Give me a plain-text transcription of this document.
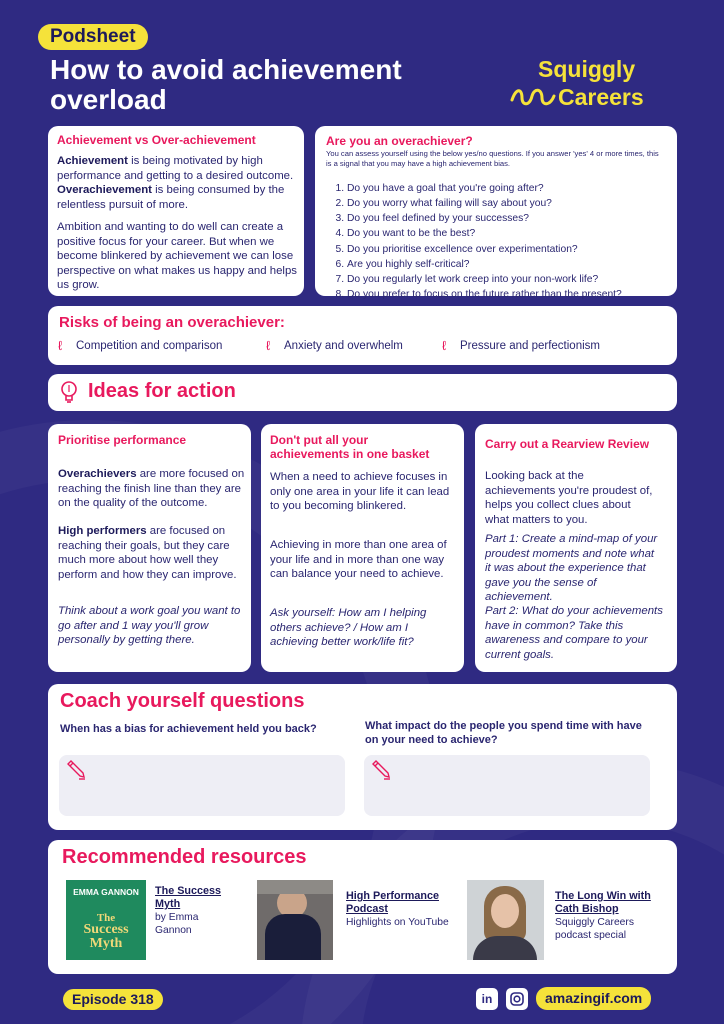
Podsheet
How to avoid achievement
overload
Squiggly
Careers
Achievement vs Over-achievement

Achievement is being motivated by high performance and getting to a desired outcome. Overachievement is being consumed by the relentless pursuit of more.

Ambition and wanting to do well can create a positive focus for your career. But when we become blinkered by achievement we can lose perspective on what makes us happy and helps us grow.

Are you an overachiever?

You can assess yourself using the below yes/no questions. If you answer 'yes' 4 or more times, this is a signal that you may have a high achievement bias.

1. Do you have a goal that you're going after?
2. Do you worry what failing will say about you?
3. Do you feel defined by your successes?
4. Do you want to be the best?
5. Do you prioritise excellence over experimentation?
6. Are you highly self-critical?
7. Do you regularly let work creep into your non-work life?
8. Do you prefer to focus on the future rather than the present?
Risks of being an overachiever:
ℓ	Competition and comparison	ℓ	Anxiety and overwhelm	ℓ	Pressure and perfectionism
Ideas for action
Prioritise performance

Overachievers are more focused on reaching the finish line than they are on the quality of the outcome.

High performers are focused on reaching their goals, but they care much more about how well they perform and how they can improve.

Think about a work goal you want to go after and 1 way you'll grow personally by getting there.

Don't put all your
achievements in one basket

When a need to achieve focuses in only one area in your life it can lead to you becoming blinkered.

Achieving in more than one area of your life and in more than one way can balance your need to achieve.

Ask yourself: How am I helping others achieve? / How am I achieving better work/life fit?

Carry out a Rearview Review

Looking back at the achievements you're proudest of, helps you collect clues about what matters to you.

Part 1: Create a mind-map of your proudest moments and note what it was about the experience that gave you the sense of achievement.

Part 2: What do your achievements have in common? Take this awareness and compare to your current goals.

Coach yourself questions

When has a bias for achievement held you back?	What impact do the people you spend time with have on your need to achieve?

Recommended resources
EMMA GANNON
The
Success
Myth
The Success Myth
by Emma Gannon
High Performance Podcast
Highlights on YouTube
The Long Win with Cath Bishop
Squiggly Careers podcast special
Episode 318	in	amazingif.com
